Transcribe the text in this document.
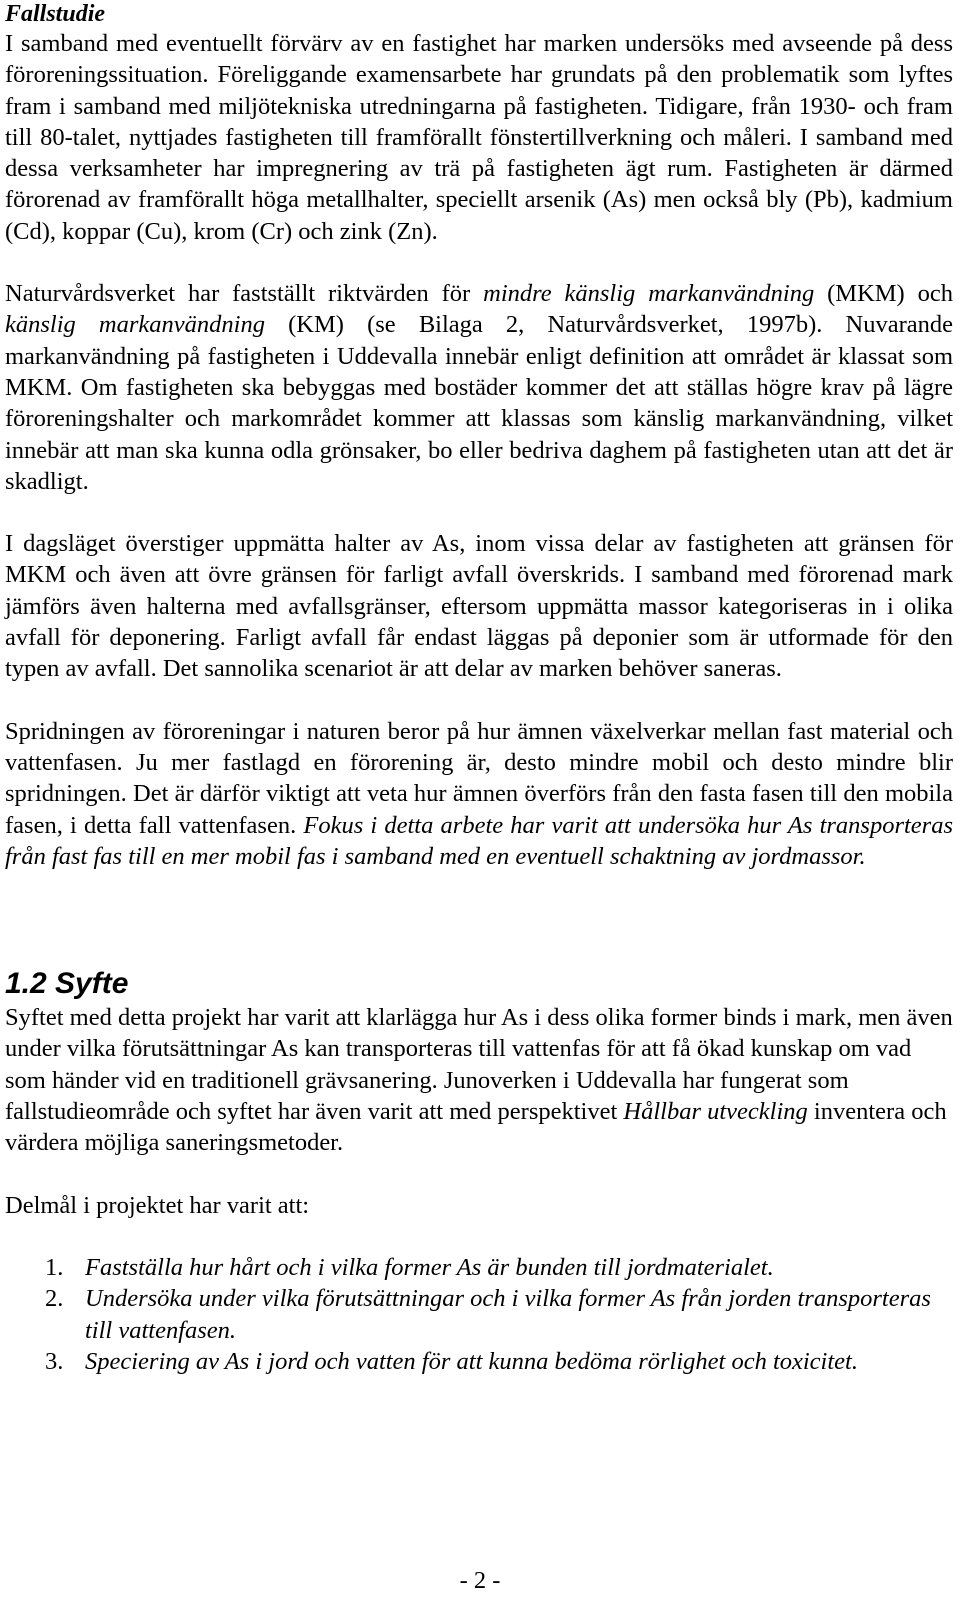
Fallstudie

I samband med eventuellt förvärv av en fastighet har marken undersöks med avseende på dess föroreningssituation. Föreliggande examensarbete har grundats på den problematik som lyftes fram i samband med miljötekniska utredningarna på fastigheten. Tidigare, från 1930- och fram till 80-talet, nyttjades fastigheten till framförallt fönstertillverkning och måleri. I samband med dessa verksamheter har impregnering av trä på fastigheten ägt rum. Fastigheten är därmed förorenad av framförallt höga metallhalter, speciellt arsenik (As) men också bly (Pb), kadmium (Cd), koppar (Cu), krom (Cr) och zink (Zn).

Naturvårdsverket har fastställt riktvärden för mindre känslig markanvändning (MKM) och känslig markanvändning (KM) (se Bilaga 2, Naturvårdsverket, 1997b). Nuvarande markanvändning på fastigheten i Uddevalla innebär enligt definition att området är klassat som MKM. Om fastigheten ska bebyggas med bostäder kommer det att ställas högre krav på lägre föroreningshalter och markområdet kommer att klassas som känslig markanvändning, vilket innebär att man ska kunna odla grönsaker, bo eller bedriva daghem på fastigheten utan att det är skadligt.

I dagsläget överstiger uppmätta halter av As, inom vissa delar av fastigheten att gränsen för MKM och även att övre gränsen för farligt avfall överskrids. I samband med förorenad mark jämförs även halterna med avfallsgränser, eftersom uppmätta massor kategoriseras in i olika avfall för deponering. Farligt avfall får endast läggas på deponier som är utformade för den typen av avfall. Det sannolika scenariot är att delar av marken behöver saneras.

Spridningen av föroreningar i naturen beror på hur ämnen växelverkar mellan fast material och vattenfasen. Ju mer fastlagd en förorening är, desto mindre mobil och desto mindre blir spridningen. Det är därför viktigt att veta hur ämnen överförs från den fasta fasen till den mobila fasen, i detta fall vattenfasen. Fokus i detta arbete har varit att undersöka hur As transporteras från fast fas till en mer mobil fas i samband med en eventuell schaktning av jordmassor.

1.2 Syfte

Syftet med detta projekt har varit att klarlägga hur As i dess olika former binds i mark, men även under vilka förutsättningar As kan transporteras till vattenfas för att få ökad kunskap om vad som händer vid en traditionell grävsanering. Junoverken i Uddevalla har fungerat som fallstudieområde och syftet har även varit att med perspektivet Hållbar utveckling inventera och värdera möjliga saneringsmetoder.

Delmål i projektet har varit att:

1. Fastställa hur hårt och i vilka former As är bunden till jordmaterialet.
2. Undersöka under vilka förutsättningar och i vilka former As från jorden transporteras till vattenfasen.
3. Speciering av As i jord och vatten för att kunna bedöma rörlighet och toxicitet.
- 2 -
